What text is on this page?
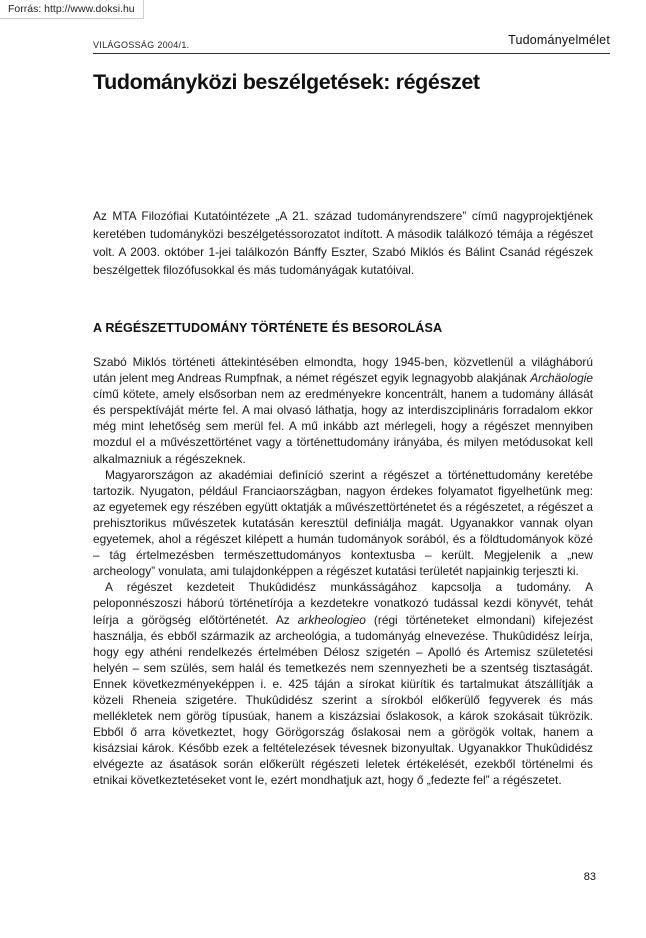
Forrás: http://www.doksi.hu
VILÁGOSSÁG 2004/1.	Tudományelmélet
Tudományközi beszélgetések: régészet

Az MTA Filozófiai Kutatóintézete „A 21. század tudományrendszere” című nagyprojektjének keretében tudományközi beszélgetéssorozatot indított. A második találkozó témája a régészet volt. A 2003. október 1-jei találkozón Bánffy Eszter, Szabó Miklós és Bálint Csanád régészek beszélgettek filozófusokkal és más tudományágak kutatóival.

A RÉGÉSZETTUDOMÁNY TÖRTÉNETE ÉS BESOROLÁSA

Szabó Miklós történeti áttekintésében elmondta, hogy 1945-ben, közvetlenül a világháború után jelent meg Andreas Rumpfnak, a német régészet egyik legnagyobb alakjának Archäologie című kötete, amely elsősorban nem az eredményekre koncentrált, hanem a tudomány állását és perspektíváját mérte fel. A mai olvasó láthatja, hogy az interdiszciplináris forradalom ekkor még mint lehetőség sem merül fel. A mű inkább azt mérlegeli, hogy a régészet mennyiben mozdul el a művészettörténet vagy a történettudomány irányába, és milyen metódusokat kell alkalmazniuk a régészeknek.

Magyarországon az akadémiai definíció szerint a régészet a történettudomány keretébe tartozik. Nyugaton, például Franciaországban, nagyon érdekes folyamatot figyelhetünk meg: az egyetemek egy részében együtt oktatják a művészettörténetet és a régészetet, a régészet a prehisztorikus művészetek kutatásán keresztül definiálja magát. Ugyanakkor vannak olyan egyetemek, ahol a régészet kilépett a humán tudományok sorából, és a földtudományok közé – tág értelmezésben természettudományos kontextusba – került. Megjelenik a „new archeology” vonulata, ami tulajdonképpen a régészet kutatási területét napjainkig terjeszti ki.

A régészet kezdeteit Thukûdidész munkásságához kapcsolja a tudomány. A peloponnészoszi háború történetírója a kezdetekre vonatkozó tudással kezdi könyvét, tehát leírja a görögség előtörténetét. Az arkheologieo (régi történeteket elmondani) kifejezést használja, és ebből származik az archeológia, a tudományág elnevezése. Thukûdidész leírja, hogy egy athéni rendelkezés értelmében Délosz szigetén – Apolló és Artemisz születetési helyén – sem szülés, sem halál és temetkezés nem szennyezheti be a szentség tisztaságát. Ennek következményeképpen i. e. 425 táján a sírokat kiürítik és tartalmukat átszállítják a közeli Rheneia szigetére. Thukûdidész szerint a sírokból előkerülő fegyverek és más mellékletek nem görög típusúak, hanem a kiszázsiai őslakosok, a károk szokásait tükrözik. Ebből ő arra következtet, hogy Görögország őslakosai nem a görögök voltak, hanem a kisázsiai károk. Később ezek a feltételezések tévesnek bizonyultak. Ugyanakkor Thukûdidész elvégezte az ásatások során előkerült régészeti leletek értékelését, ezekből történelmi és etnikai következtetéseket vont le, ezért mondhatjuk azt, hogy ő „fedezte fel” a régészetet.

83
